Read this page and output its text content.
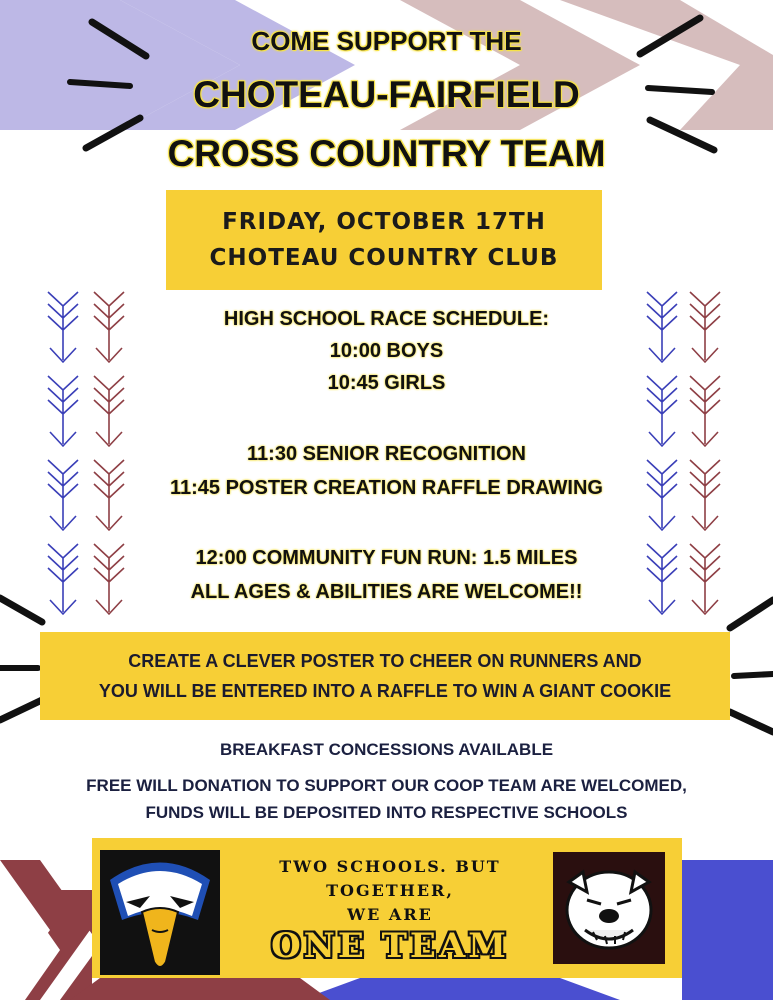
COME SUPPORT THE
CHOTEAU-FAIRFIELD
CROSS COUNTRY TEAM
FRIDAY, OCTOBER 17TH
CHOTEAU COUNTRY CLUB
HIGH SCHOOL RACE SCHEDULE:
10:00 BOYS
10:45 GIRLS
11:30 SENIOR RECOGNITION
11:45 POSTER CREATION RAFFLE DRAWING
12:00 COMMUNITY FUN RUN: 1.5 MILES
ALL AGES & ABILITIES ARE WELCOME!!
CREATE A CLEVER POSTER TO CHEER ON RUNNERS AND
YOU WILL BE ENTERED INTO A RAFFLE TO WIN A GIANT COOKIE
BREAKFAST CONCESSIONS AVAILABLE
FREE WILL DONATION TO SUPPORT OUR COOP TEAM ARE WELCOMED,
FUNDS WILL BE DEPOSITED INTO RESPECTIVE SCHOOLS
TWO SCHOOLS. BUT
TOGETHER,
WE ARE
ONE TEAM
